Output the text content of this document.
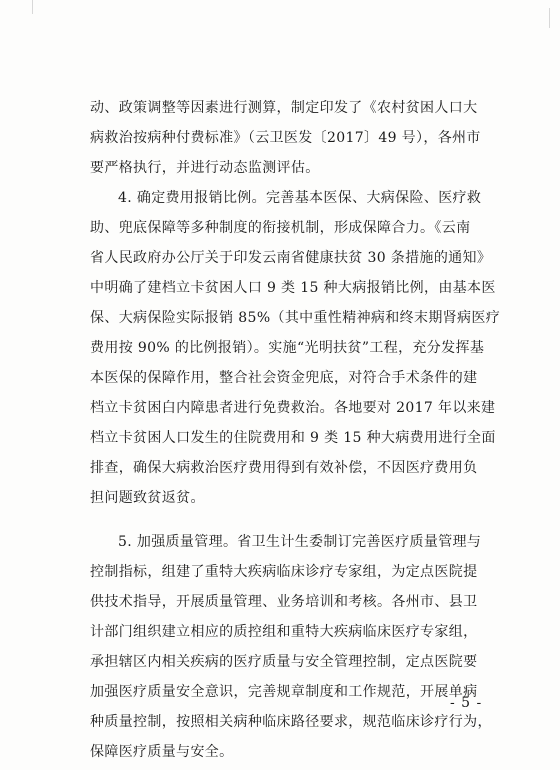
动、政策调整等因素进行测算，制定印发了《农村贫困人口大
病救治按病种付费标准》（云卫医发〔2017〕49 号），各州市
要严格执行，并进行动态监测评估。
4. 确定费用报销比例。完善基本医保、大病保险、医疗救
助、兜底保障等多种制度的衔接机制，形成保障合力。《云南
省人民政府办公厅关于印发云南省健康扶贫 30 条措施的通知》
中明确了建档立卡贫困人口 9 类 15 种大病报销比例，由基本医
保、大病保险实际报销 85%（其中重性精神病和终末期肾病医疗
费用按 90% 的比例报销）。实施“光明扶贫”工程，充分发挥基
本医保的保障作用，整合社会资金兜底，对符合手术条件的建
档立卡贫困白内障患者进行免费救治。各地要对 2017 年以来建
档立卡贫困人口发生的住院费用和 9 类 15 种大病费用进行全面
排查，确保大病救治医疗费用得到有效补偿，不因医疗费用负
担问题致贫返贫。
5. 加强质量管理。省卫生计生委制订完善医疗质量管理与
控制指标，组建了重特大疾病临床诊疗专家组，为定点医院提
供技术指导，开展质量管理、业务培训和考核。各州市、县卫
计部门组织建立相应的质控组和重特大疾病临床医疗专家组，
承担辖区内相关疾病的医疗质量与安全管理控制，定点医院要
加强医疗质量安全意识，完善规章制度和工作规范，开展单病
种质量控制，按照相关病种临床路径要求，规范临床诊疗行为，
保障医疗质量与安全。
- 5 -
